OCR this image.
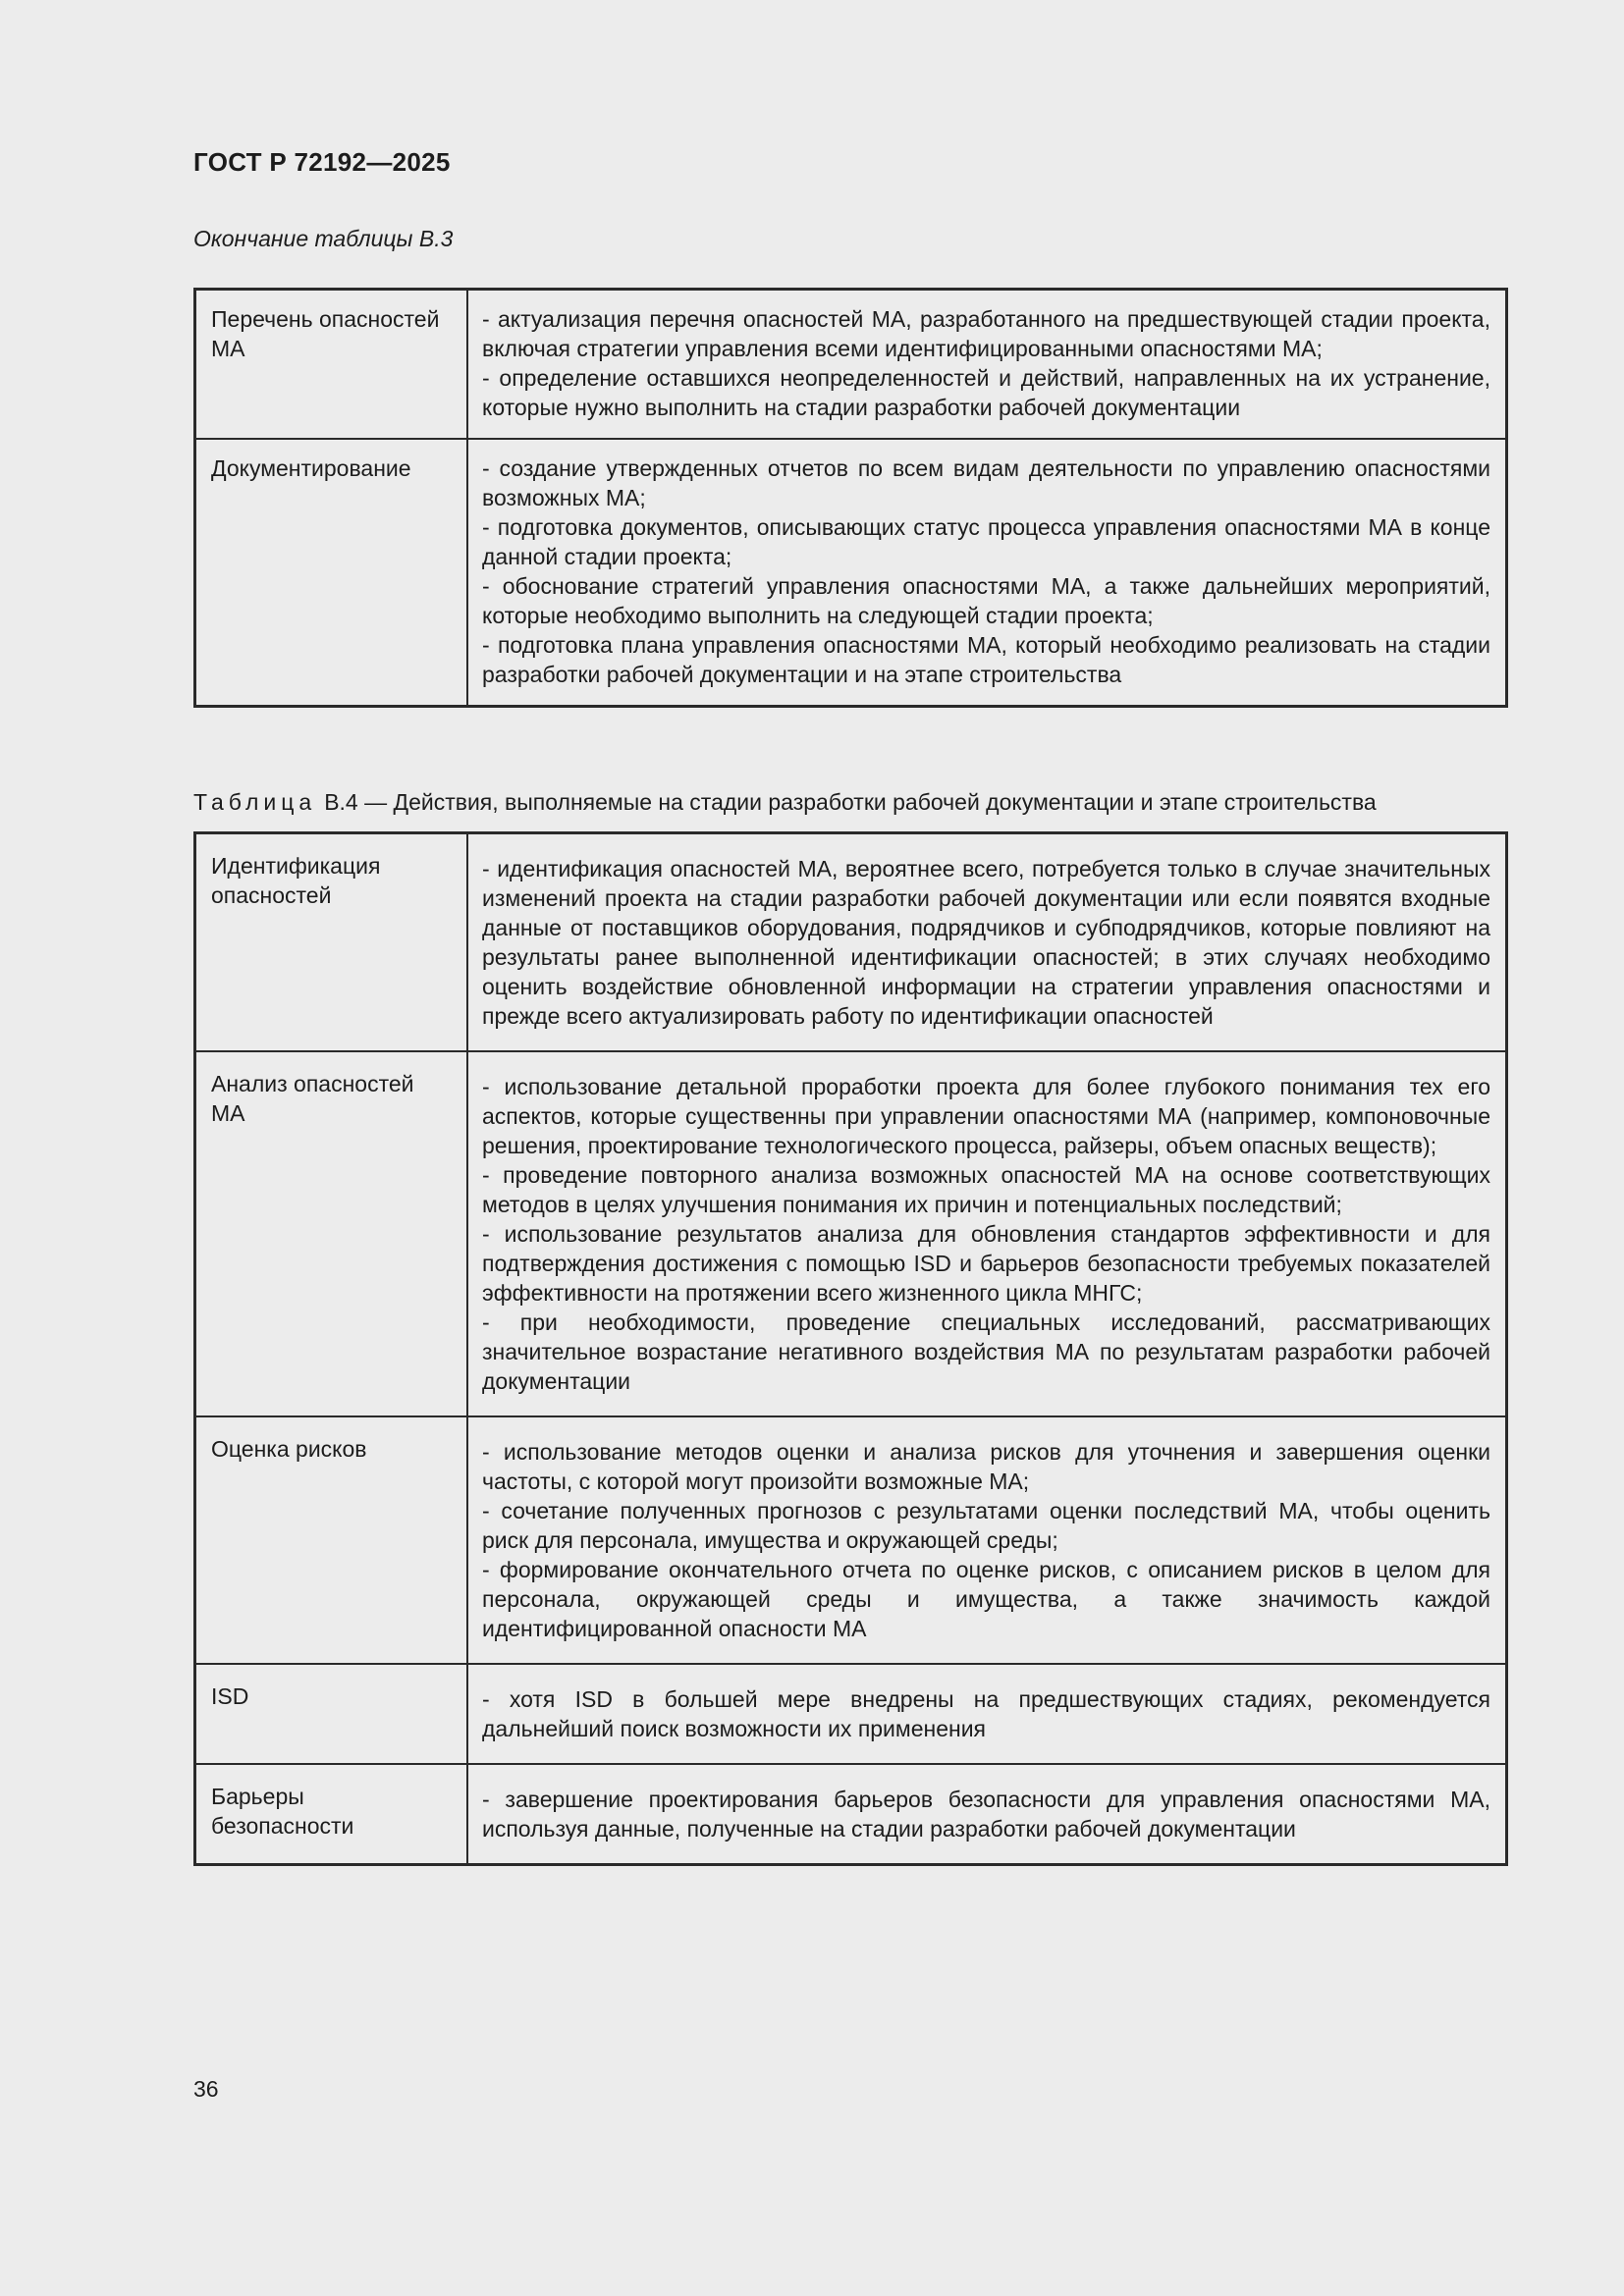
ГОСТ Р 72192—2025
Окончание таблицы В.3
Перечень опасностей МА	- актуализация перечня опасностей МА, разработанного на предшествующей стадии проекта, включая стратегии управления всеми идентифицированными опасностями МА;
- определение оставшихся неопределенностей и действий, направленных на их устранение, которые нужно выполнить на стадии разработки рабочей документации

Документирование	- создание утвержденных отчетов по всем видам деятельности по управлению опасностями возможных МА;
- подготовка документов, описывающих статус процесса управления опасностями МА в конце данной стадии проекта;
- обоснование стратегий управления опасностями МА, а также дальнейших мероприятий, которые необходимо выполнить на следующей стадии проекта;
- подготовка плана управления опасностями МА, который необходимо реализовать на стадии разработки рабочей документации и на этапе строительства
Таблица В.4 — Действия, выполняемые на стадии разработки рабочей документации и этапе строительства
Идентификация опасностей	- идентификация опасностей МА, вероятнее всего, потребуется только в случае значительных изменений проекта на стадии разработки рабочей документации или если появятся входные данные от поставщиков оборудования, подрядчиков и субподрядчиков, которые повлияют на результаты ранее выполненной идентификации опасностей; в этих случаях необходимо оценить воздействие обновленной информации на стратегии управления опасностями и прежде всего актуализировать работу по идентификации опасностей

Анализ опасностей МА	- использование детальной проработки проекта для более глубокого понимания тех его аспектов, которые существенны при управлении опасностями МА (например, компоновочные решения, проектирование технологического процесса, райзеры, объем опасных веществ);
- проведение повторного анализа возможных опасностей МА на основе соответствующих методов в целях улучшения понимания их причин и потенциальных последствий;
- использование результатов анализа для обновления стандартов эффективности и для подтверждения достижения с помощью ISD и барьеров безопасности требуемых показателей эффективности на протяжении всего жизненного цикла МНГС;
- при необходимости, проведение специальных исследований, рассматривающих значительное возрастание негативного воздействия МА по результатам разработки рабочей документации

Оценка рисков	- использование методов оценки и анализа рисков для уточнения и завершения оценки частоты, с которой могут произойти возможные МА;
- сочетание полученных прогнозов с результатами оценки последствий МА, чтобы оценить риск для персонала, имущества и окружающей среды;
- формирование окончательного отчета по оценке рисков, с описанием рисков в целом для персонала, окружающей среды и имущества, а также значимость каждой идентифицированной опасности МА

ISD	- хотя ISD в большей мере внедрены на предшествующих стадиях, рекомендуется дальнейший поиск возможности их применения

Барьеры безопасности	- завершение проектирования барьеров безопасности для управления опасностями МА, используя данные, полученные на стадии разработки рабочей документации
36
